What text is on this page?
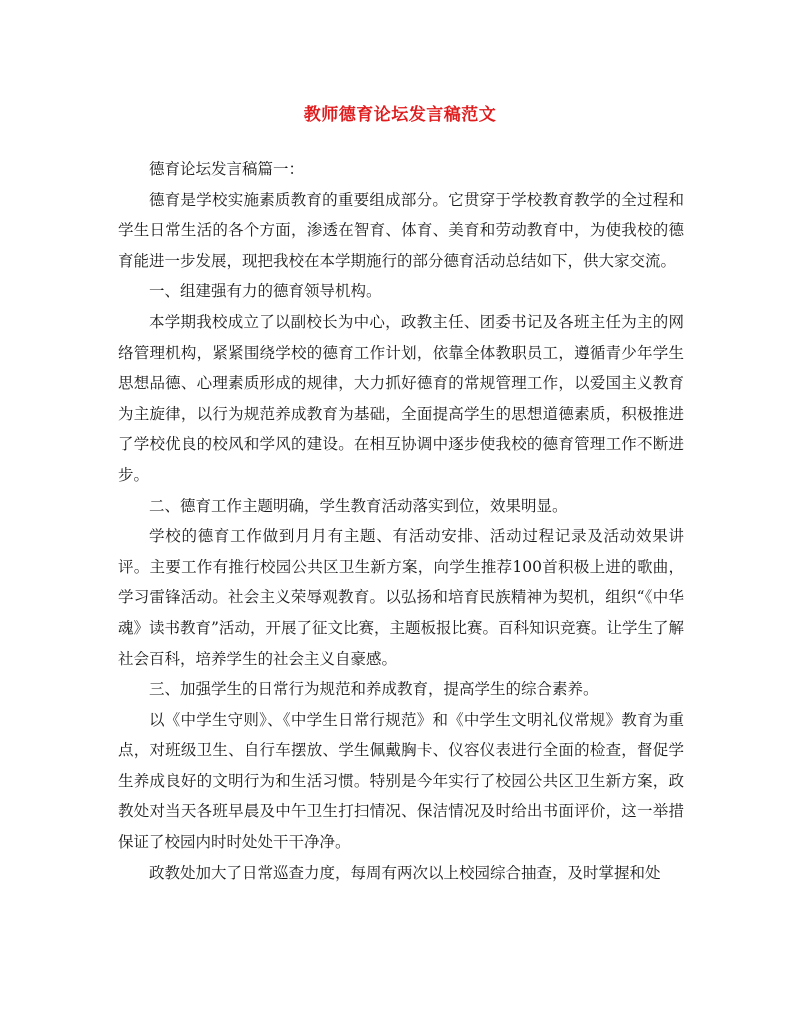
教师德育论坛发言稿范文

德育论坛发言稿篇一：

德育是学校实施素质教育的重要组成部分。它贯穿于学校教育教学的全过程和学生日常生活的各个方面，渗透在智育、体育、美育和劳动教育中，为使我校的德育能进一步发展，现把我校在本学期施行的部分德育活动总结如下，供大家交流。

一、组建强有力的德育领导机构。

本学期我校成立了以副校长为中心，政教主任、团委书记及各班主任为主的网络管理机构，紧紧围绕学校的德育工作计划，依靠全体教职员工，遵循青少年学生思想品德、心理素质形成的规律，大力抓好德育的常规管理工作，以爱国主义教育为主旋律，以行为规范养成教育为基础，全面提高学生的思想道德素质，积极推进了学校优良的校风和学风的建设。在相互协调中逐步使我校的德育管理工作不断进步。

二、德育工作主题明确，学生教育活动落实到位，效果明显。

学校的德育工作做到月月有主题、有活动安排、活动过程记录及活动效果讲评。主要工作有推行校园公共区卫生新方案，向学生推荐100首积极上进的歌曲，学习雷锋活动。社会主义荣辱观教育。以弘扬和培育民族精神为契机，组织“《中华魂》读书教育”活动，开展了征文比赛，主题板报比赛。百科知识竞赛。让学生了解社会百科，培养学生的社会主义自豪感。

三、加强学生的日常行为规范和养成教育，提高学生的综合素养。

以《中学生守则》、《中学生日常行规范》和《中学生文明礼仪常规》教育为重点，对班级卫生、自行车摆放、学生佩戴胸卡、仪容仪表进行全面的检查，督促学生养成良好的文明行为和生活习惯。特别是今年实行了校园公共区卫生新方案，政教处对当天各班早晨及中午卫生打扫情况、保洁情况及时给出书面评价，这一举措保证了校园内时时处处干干净净。

政教处加大了日常巡查力度，每周有两次以上校园综合抽查，及时掌握和处
